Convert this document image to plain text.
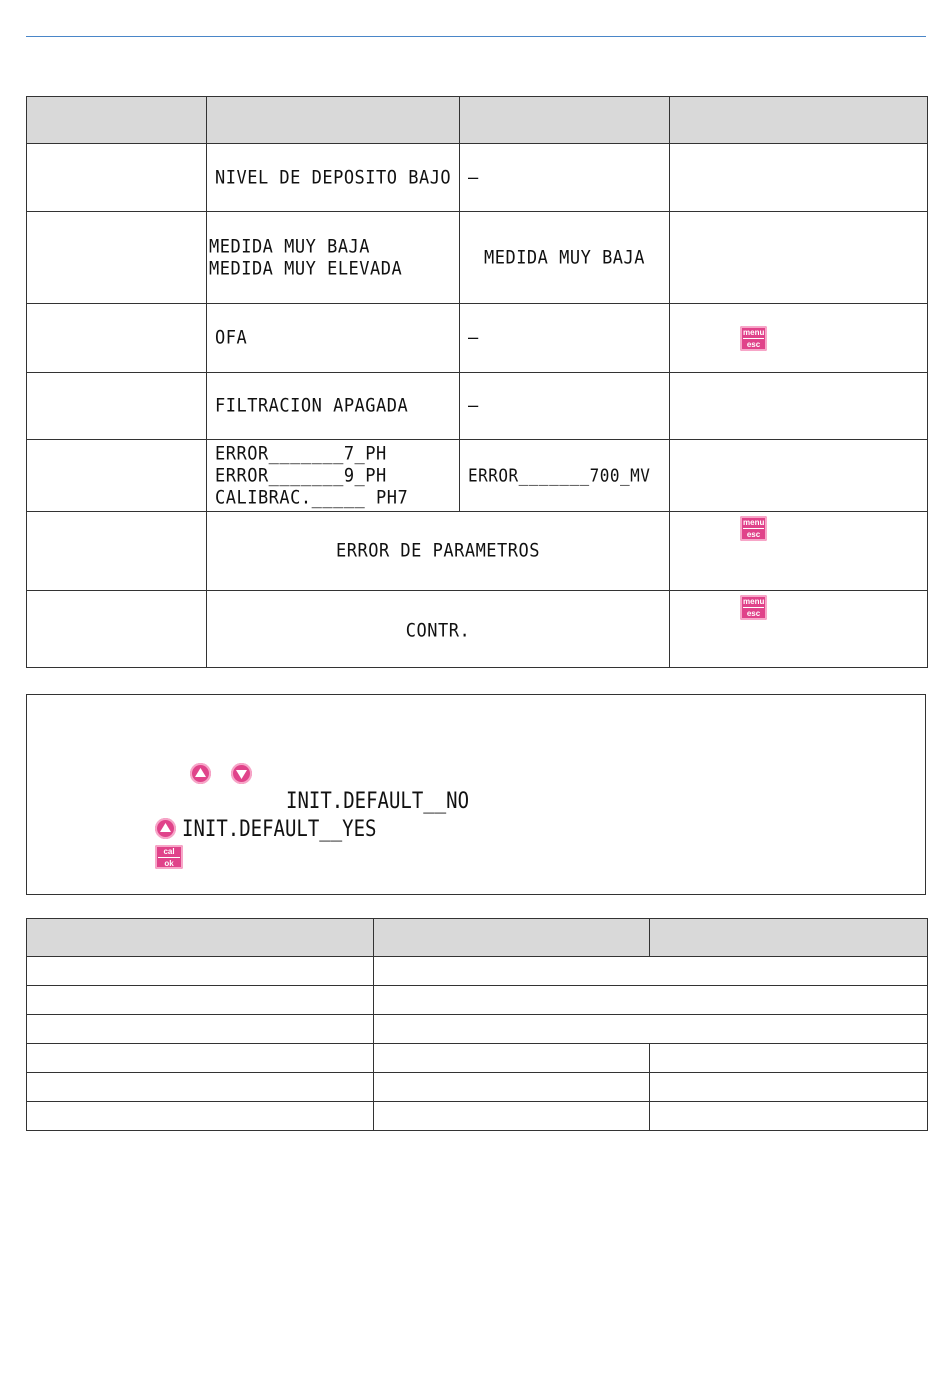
	NIVEL DE DEPOSITO BAJO	–	
	MEDIDA MUY BAJA
MEDIDA MUY ELEVADA	MEDIDA MUY BAJA	
	OFA	–	menu
esc

	FILTRACION APAGADA	–	
	ERROR_______7_PH
ERROR_______9_PH
CALIBRAC._____ PH7	ERROR_______700_MV	
	ERROR DE PARAMETROS		menu
esc

	CONTR.		menu
esc
INIT.DEFAULT__NO
INIT.DEFAULT__YES
cal
ok
